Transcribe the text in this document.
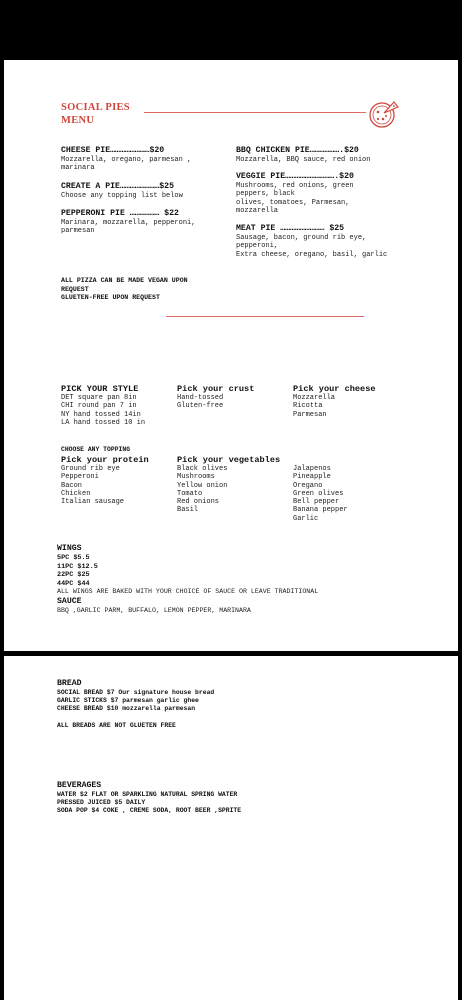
SOCIAL PIES
MENU
CHEESE PIE……………………$20
Mozzarella, oregano, parmesan , marinara
CREATE A PIE……………………$25
Choose any topping list below
PEPPERONI PIE ……………… $22
Marinara, mozzarella, pepperoni, parmesan
BBQ CHICKEN PIE……………….$20
Mozzarella, BBQ sauce, red onion
VEGGIE PIE………………………….$20
Mushrooms, red onions, green
peppers, black
olives, tomatoes, Parmesan,
mozzarella
MEAT PIE ……………………… $25
Sausage, bacon, ground rib eye,
pepperoni,
Extra cheese, oregano, basil, garlic
ALL PIZZA CAN BE MADE VEGAN UPON
REQUEST
GLUETEN-FREE UPON REQUEST
PICK YOUR STYLE
DET square pan 8in
CHI round pan 7 in
NY hand tossed 14in
LA hand tossed 10 in
Pick your crust
Hand-tossed
Gluten-free
Pick your cheese
Mozzarella
Ricotta
Parmesan
CHOOSE ANY TOPPING
Pick your protein
Ground rib eye
Pepperoni
Bacon
Chicken
Italian sausage
Pick your vegetables
Black olives
Mushrooms
Yellow onion
Tomato
Red onions
Basil
Jalapenos
Pineapple
Oregano
Green olives
Bell pepper
Banana pepper
Garlic
WINGS
5PC $5.5
11PC $12.5
22PC $25
44PC $44
ALL WINGS ARE BAKED WITH YOUR CHOICE OF SAUCE OR LEAVE TRADITIONAL
SAUCE
BBQ ,GARLIC PARM, BUFFALO, LEMON PEPPER, MARINARA
BREAD
SOCIAL BREAD $7 Our signature house bread
GARLIC STICKS $7 parmesan garlic ghee
CHEESE BREAD $10 mozzarella parmesan
ALL BREADS ARE NOT GLUETEN FREE
BEVERAGES
WATER $2 FLAT OR SPARKLING NATURAL SPRING WATER
PRESSED JUICED $5 DAILY
SODA POP $4 COKE , CREME SODA, ROOT BEER ,SPRITE
